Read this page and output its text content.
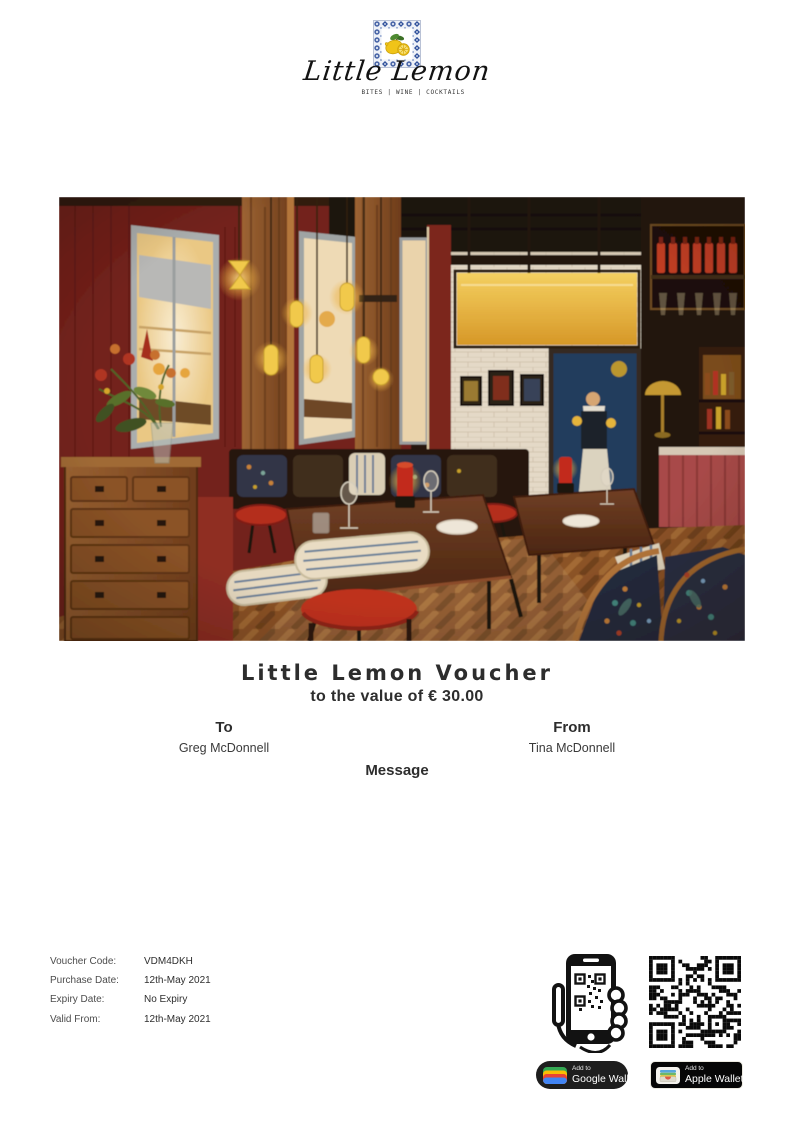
Little Lemon
BITES | WINE | COCKTAILS
Little Lemon Voucher
to the value of € 30.00
To
Greg McDonnell
From
Tina McDonnell
Message
Voucher Code:	VDM4DKH
Purchase Date:	12th-May 2021
Expiry Date:	No Expiry
Valid From:	12th-May 2021
Add to
Google Wallet
Add to
Apple Wallet
